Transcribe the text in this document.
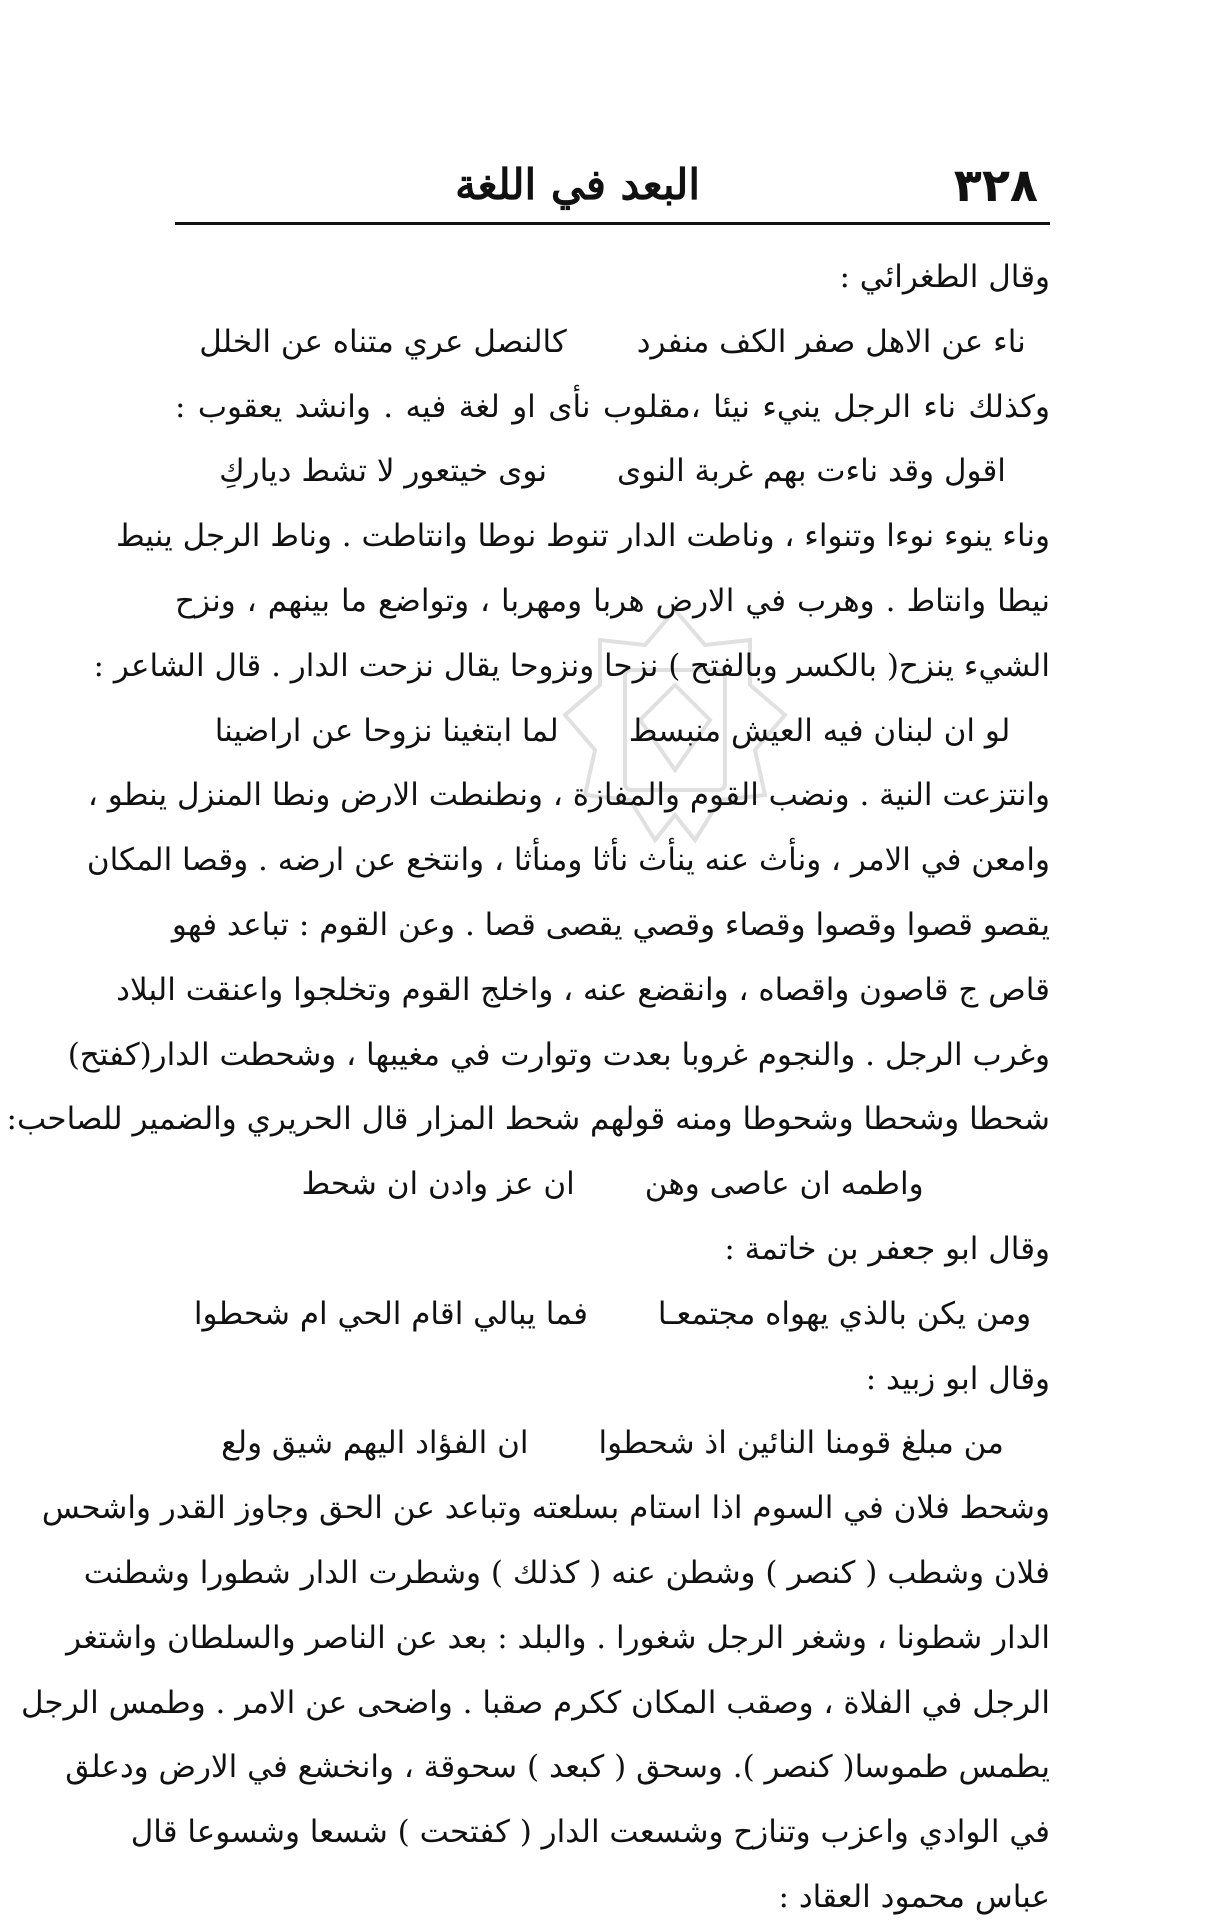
٣٢٨
البعد في اللغة
وقال الطغرائي :
ناء عن الاهل صفر الكف منفرد
كالنصل عري متناه عن الخلل
وكذلك ناء الرجل ينيء نيئا ،مقلوب نأى او لغة فيه . وانشد يعقوب :
اقول وقد ناءت بهم غربة النوى
نوى خيتعور لا تشط دياركِ
وناء ينوء نوءا وتنواء ، وناطت الدار تنوط نوطا وانتاطت . وناط الرجل ينيط
نيطا وانتاط . وهرب في الارض هربا ومهربا ، وتواضع ما بينهم ، ونزح
الشيء ينزح( بالكسر وبالفتح ) نزحا ونزوحا يقال نزحت الدار . قال الشاعر :
لو ان لبنان فيه العيش منبسط
لما ابتغينا نزوحا عن اراضينا
وانتزعت النية . ونضب القوم والمفازة ، ونطنطت الارض ونطا المنزل ينطو ،
وامعن في الامر ، ونأث عنه ينأث نأثا ومنأثا ، وانتخع عن ارضه . وقصا المكان
يقصو قصوا وقصوا وقصاء وقصي يقصى قصا . وعن القوم : تباعد فهو
قاص ج قاصون واقصاه ، وانقضع عنه ، واخلج القوم وتخلجوا واعنقت البلاد
وغرب الرجل . والنجوم غروبا بعدت وتوارت في مغيبها ، وشحطت الدار(كفتح)
شحطا وشحطا وشحوطا ومنه قولهم شحط المزار قال الحريري والضمير للصاحب:
واطمه ان عاصى وهن
ان عز وادن ان شحط
وقال ابو جعفر بن خاتمة :
ومن يكن بالذي يهواه مجتمعـا
فما يبالي اقام الحي ام شحطوا
وقال ابو زبيد :
من مبلغ قومنا النائين اذ شحطوا
ان الفؤاد اليهم شيق ولع
وشحط فلان في السوم اذا استام بسلعته وتباعد عن الحق وجاوز القدر واشحس
فلان وشطب ( كنصر ) وشطن عنه ( كذلك ) وشطرت الدار شطورا وشطنت
الدار شطونا ، وشغر الرجل شغورا . والبلد : بعد عن الناصر والسلطان واشتغر
الرجل في الفلاة ، وصقب المكان ككرم صقبا . واضحى عن الامر . وطمس الرجل
يطمس طموسا( كنصر ). وسحق ( كبعد ) سحوقة ، وانخشع في الارض ودعلق
في الوادي واعزب وتنازح وشسعت الدار ( كفتحت ) شسعا وشسوعا قال
عباس محمود العقاد :
